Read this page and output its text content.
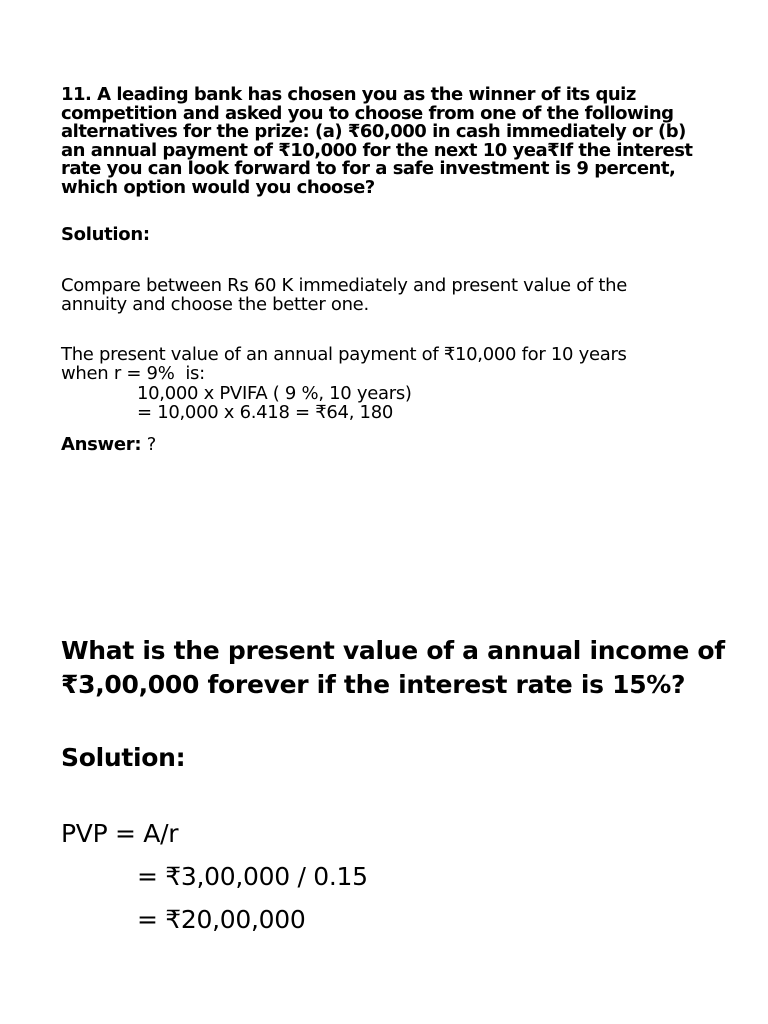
11. A leading bank has chosen you as the winner of its quiz
competition and asked you to choose from one of the following
alternatives for the prize: (a) ₹60,000 in cash immediately or (b)
an annual payment of ₹10,000 for the next 10 yea₹If the interest
rate you can look forward to for a safe investment is 9 percent,
which option would you choose?
Solution:
Compare between Rs 60 K immediately and present value of the
annuity and choose the better one.
The present value of an annual payment of ₹10,000 for 10 years
when r = 9%  is:
10,000 x PVIFA ( 9 %, 10 years)
= 10,000 x 6.418 = ₹64, 180
Answer: ?
What is the present value of a annual income of
₹3,00,000 forever if the interest rate is 15%?
Solution:
PVP = A/r
= ₹3,00,000 / 0.15
= ₹20,00,000
